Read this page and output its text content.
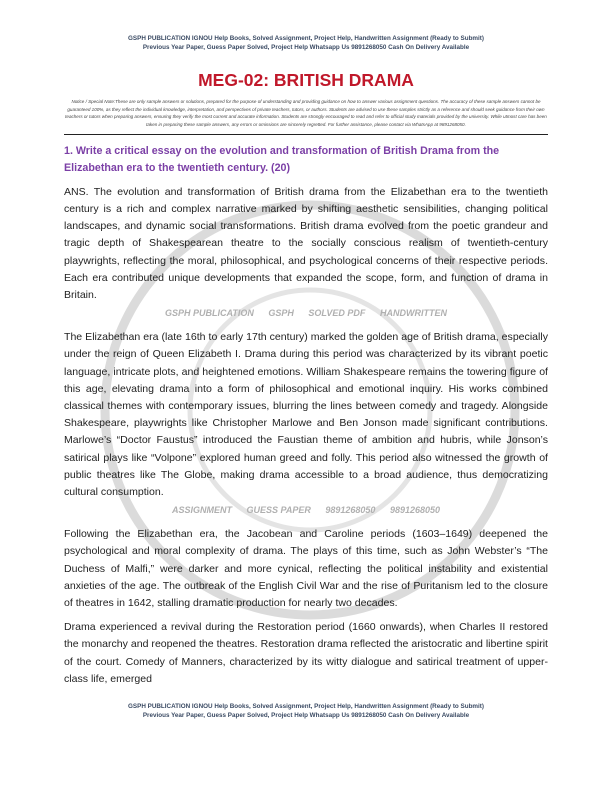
GSPH PUBLICATION IGNOU Help Books, Solved Assignment, Project Help, Handwritten Assignment (Ready to Submit)
Previous Year Paper, Guess Paper Solved, Project Help Whatsapp Us 9891268050 Cash On Delivery Available
MEG-02: BRITISH DRAMA
Notice / Special Note:These are only sample answers or solutions, prepared for the purpose of understanding and providing guidance on how to answer various assignment questions. The accuracy of these sample answers cannot be guaranteed 100%, as they reflect the individual knowledge, interpretation, and perspectives of private teachers, tutors, or authors. Students are advised to use these samples strictly as a reference and should seek guidance from their own teachers or tutors when preparing answers, ensuring they verify the most current and accurate information. Students are strongly encouraged to read and refer to official study materials provided by the university. While utmost care has been taken in preparing these sample answers, any errors or omissions are sincerely regretted. For further assistance, please contact via WhatsApp at 9891268050.
1. Write a critical essay on the evolution and transformation of British Drama from the Elizabethan era to the twentieth century. (20)
ANS. The evolution and transformation of British drama from the Elizabethan era to the twentieth century is a rich and complex narrative marked by shifting aesthetic sensibilities, changing political landscapes, and dynamic social transformations. British drama evolved from the poetic grandeur and tragic depth of Shakespearean theatre to the socially conscious realism of twentieth-century playwrights, reflecting the moral, philosophical, and psychological concerns of their respective periods. Each era contributed unique developments that expanded the scope, form, and function of drama in Britain.
GSPH PUBLICATION GSPH SOLVED PDF HANDWRITTEN
The Elizabethan era (late 16th to early 17th century) marked the golden age of British drama, especially under the reign of Queen Elizabeth I. Drama during this period was characterized by its vibrant poetic language, intricate plots, and heightened emotions. William Shakespeare remains the towering figure of this age, elevating drama into a form of philosophical and emotional inquiry. His works combined classical themes with contemporary issues, blurring the lines between comedy and tragedy. Alongside Shakespeare, playwrights like Christopher Marlowe and Ben Jonson made significant contributions. Marlowe’s “Doctor Faustus” introduced the Faustian theme of ambition and hubris, while Jonson’s satirical plays like “Volpone” explored human greed and folly. This period also witnessed the growth of public theatres like The Globe, making drama accessible to a broad audience, thus democratizing cultural consumption.
ASSIGNMENT GUESS PAPER 9891268050 9891268050
Following the Elizabethan era, the Jacobean and Caroline periods (1603–1649) deepened the psychological and moral complexity of drama. The plays of this time, such as John Webster’s “The Duchess of Malfi,” were darker and more cynical, reflecting the political instability and existential anxieties of the age. The outbreak of the English Civil War and the rise of Puritanism led to the closure of theatres in 1642, stalling dramatic production for nearly two decades.
Drama experienced a revival during the Restoration period (1660 onwards), when Charles II restored the monarchy and reopened the theatres. Restoration drama reflected the aristocratic and libertine spirit of the court. Comedy of Manners, characterized by its witty dialogue and satirical treatment of upper-class life, emerged
GSPH PUBLICATION IGNOU Help Books, Solved Assignment, Project Help, Handwritten Assignment (Ready to Submit)
Previous Year Paper, Guess Paper Solved, Project Help Whatsapp Us 9891268050 Cash On Delivery Available
